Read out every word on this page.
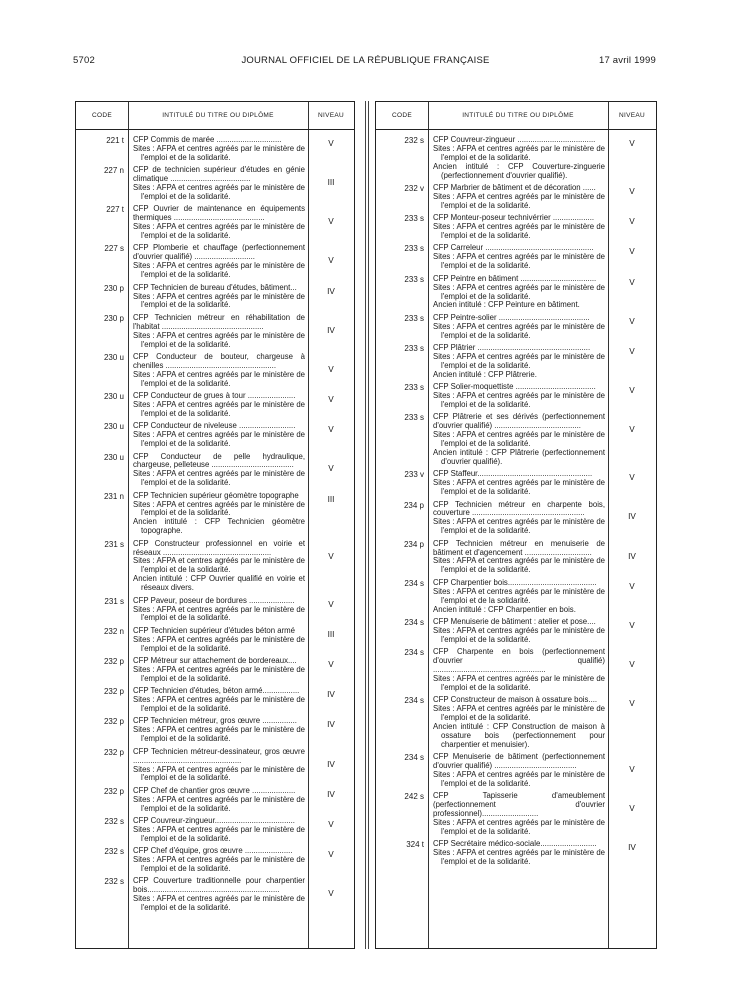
5702	JOURNAL OFFICIEL DE LA RÉPUBLIQUE FRANÇAISE	17 avril 1999
CODE	INTITULÉ DU TITRE OU DIPLÔME	NIVEAU
221 t CFP Commis de marée ..............................
Sites : AFPA et centres agréés par le ministère de l'emploi et de la solidarité.
V
227 n CFP de technicien supérieur d'études en génie climatique .....................................
Sites : AFPA et centres agréés par le ministère de l'emploi et de la solidarité.
III
227 t CFP Ouvrier de maintenance en équipements thermiques ..........................................
Sites : AFPA et centres agréés par le ministère de l'emploi et de la solidarité.
V
227 s CFP Plomberie et chauffage (perfectionnement d'ouvrier qualifié) ............................
Sites : AFPA et centres agréés par le ministère de l'emploi et de la solidarité.
V
230 p CFP Technicien de bureau d'études, bâtiment...
Sites : AFPA et centres agréés par le ministère de l'emploi et de la solidarité.
IV
230 p CFP Technicien métreur en réhabilitation de l'habitat ...............................................
Sites : AFPA et centres agréés par le ministère de l'emploi et de la solidarité.
IV
230 u CFP Conducteur de bouteur, chargeuse à chenilles ...................................................
Sites : AFPA et centres agréés par le ministère de l'emploi et de la solidarité.
V
230 u CFP Conducteur de grues à tour ......................
Sites : AFPA et centres agréés par le ministère de l'emploi et de la solidarité.
V
230 u CFP Conducteur de niveleuse ..........................
Sites : AFPA et centres agréés par le ministère de l'emploi et de la solidarité.
V
230 u CFP Conducteur de pelle hydraulique, chargeuse, pelleteuse ......................................
Sites : AFPA et centres agréés par le ministère de l'emploi et de la solidarité.
V
231 n CFP Technicien supérieur géomètre topographe
Sites : AFPA et centres agréés par le ministère de l'emploi et de la solidarité.
Ancien intitulé : CFP Technicien géomètre topographe.
III
231 s CFP Constructeur professionnel en voirie et réseaux ..................................................
Sites : AFPA et centres agréés par le ministère de l'emploi et de la solidarité.
Ancien intitulé : CFP Ouvrier qualifié en voirie et réseaux divers.
V
231 s CFP Paveur, poseur de bordures .....................
Sites : AFPA et centres agréés par le ministère de l'emploi et de la solidarité.
V
232 n CFP Technicien supérieur d'études béton armé
Sites : AFPA et centres agréés par le ministère de l'emploi et de la solidarité.
III
232 p CFP Métreur sur attachement de bordereaux....
Sites : AFPA et centres agréés par le ministère de l'emploi et de la solidarité.
V
232 p CFP Technicien d'études, béton armé.................
Sites : AFPA et centres agréés par le ministère de l'emploi et de la solidarité.
IV
232 p CFP Technicien métreur, gros œuvre ................
Sites : AFPA et centres agréés par le ministère de l'emploi et de la solidarité.
IV
232 p CFP Technicien métreur-dessinateur, gros œuvre ..................................................
Sites : AFPA et centres agréés par le ministère de l'emploi et de la solidarité.
IV
232 p CFP Chef de chantier gros œuvre ....................
Sites : AFPA et centres agréés par le ministère de l'emploi et de la solidarité.
IV
232 s CFP Couvreur-zingueur.....................................
Sites : AFPA et centres agréés par le ministère de l'emploi et de la solidarité.
V
232 s CFP Chef d'équipe, gros œuvre ......................
Sites : AFPA et centres agréés par le ministère de l'emploi et de la solidarité.
V
232 s CFP Couverture traditionnelle pour charpentier bois.............................................................
Sites : AFPA et centres agréés par le ministère de l'emploi et de la solidarité.
V
CODE	INTITULÉ DU TITRE OU DIPLÔME	NIVEAU
232 s CFP Couvreur-zingueur ....................................
Sites : AFPA et centres agréés par le ministère de l'emploi et de la solidarité.
Ancien intitulé : CFP Couverture-zinguerie (perfectionnement d'ouvrier qualifié).
V
232 v CFP Marbrier de bâtiment et de décoration ......
Sites : AFPA et centres agréés par le ministère de l'emploi et de la solidarité.
V
233 s CFP Monteur-poseur technivérrier ...................
Sites : AFPA et centres agréés par le ministère de l'emploi et de la solidarité.
V
233 s CFP Carreleur ..................................................
Sites : AFPA et centres agréés par le ministère de l'emploi et de la solidarité.
V
233 s CFP Peintre en bâtiment ...................................
Sites : AFPA et centres agréés par le ministère de l'emploi et de la solidarité.
Ancien intitulé : CFP Peinture en bâtiment.
V
233 s CFP Peintre-solier ..........................................
Sites : AFPA et centres agréés par le ministère de l'emploi et de la solidarité.
V
233 s CFP Plâtrier ....................................................
Sites : AFPA et centres agréés par le ministère de l'emploi et de la solidarité.
Ancien intitulé : CFP Plâtrerie.
V
233 s CFP Solier-moquettiste .....................................
Sites : AFPA et centres agréés par le ministère de l'emploi et de la solidarité.
V
233 s CFP Plâtrerie et ses dérivés (perfectionnement d'ouvrier qualifié) ........................................
Sites : AFPA et centres agréés par le ministère de l'emploi et de la solidarité.
Ancien intitulé : CFP Plâtrerie (perfectionnement d'ouvrier qualifié).
V
233 v CFP Staffeur.....................................................
Sites : AFPA et centres agréés par le ministère de l'emploi et de la solidarité.
V
234 p CFP Technicien métreur en charpente bois, couverture ....................................................
Sites : AFPA et centres agréés par le ministère de l'emploi et de la solidarité.
IV
234 p CFP Technicien métreur en menuiserie de bâtiment et d'agencement ...............................
Sites : AFPA et centres agréés par le ministère de l'emploi et de la solidarité.
IV
234 s CFP Charpentier bois.........................................
Sites : AFPA et centres agréés par le ministère de l'emploi et de la solidarité.
Ancien intitulé : CFP Charpentier en bois.
V
234 s CFP Menuiserie de bâtiment : atelier et pose....
Sites : AFPA et centres agréés par le ministère de l'emploi et de la solidarité.
V
234 s CFP Charpente en bois (perfectionnement d'ouvrier qualifié) ....................................................
Sites : AFPA et centres agréés par le ministère de l'emploi et de la solidarité.
V
234 s CFP Constructeur de maison à ossature bois....
Sites : AFPA et centres agréés par le ministère de l'emploi et de la solidarité.
Ancien intitulé : CFP Construction de maison à ossature bois (perfectionnement pour charpentier et menuisier).
V
234 s CFP Menuiserie de bâtiment (perfectionnement d'ouvrier qualifié) ......................................
Sites : AFPA et centres agréés par le ministère de l'emploi et de la solidarité.
V
242 s CFP Tapisserie d'ameublement (perfectionnement d'ouvrier professionnel)..........................
Sites : AFPA et centres agréés par le ministère de l'emploi et de la solidarité.
V
324 t CFP Secrétaire médico-sociale..........................
Sites : AFPA et centres agréés par le ministère de l'emploi et de la solidarité.
IV
